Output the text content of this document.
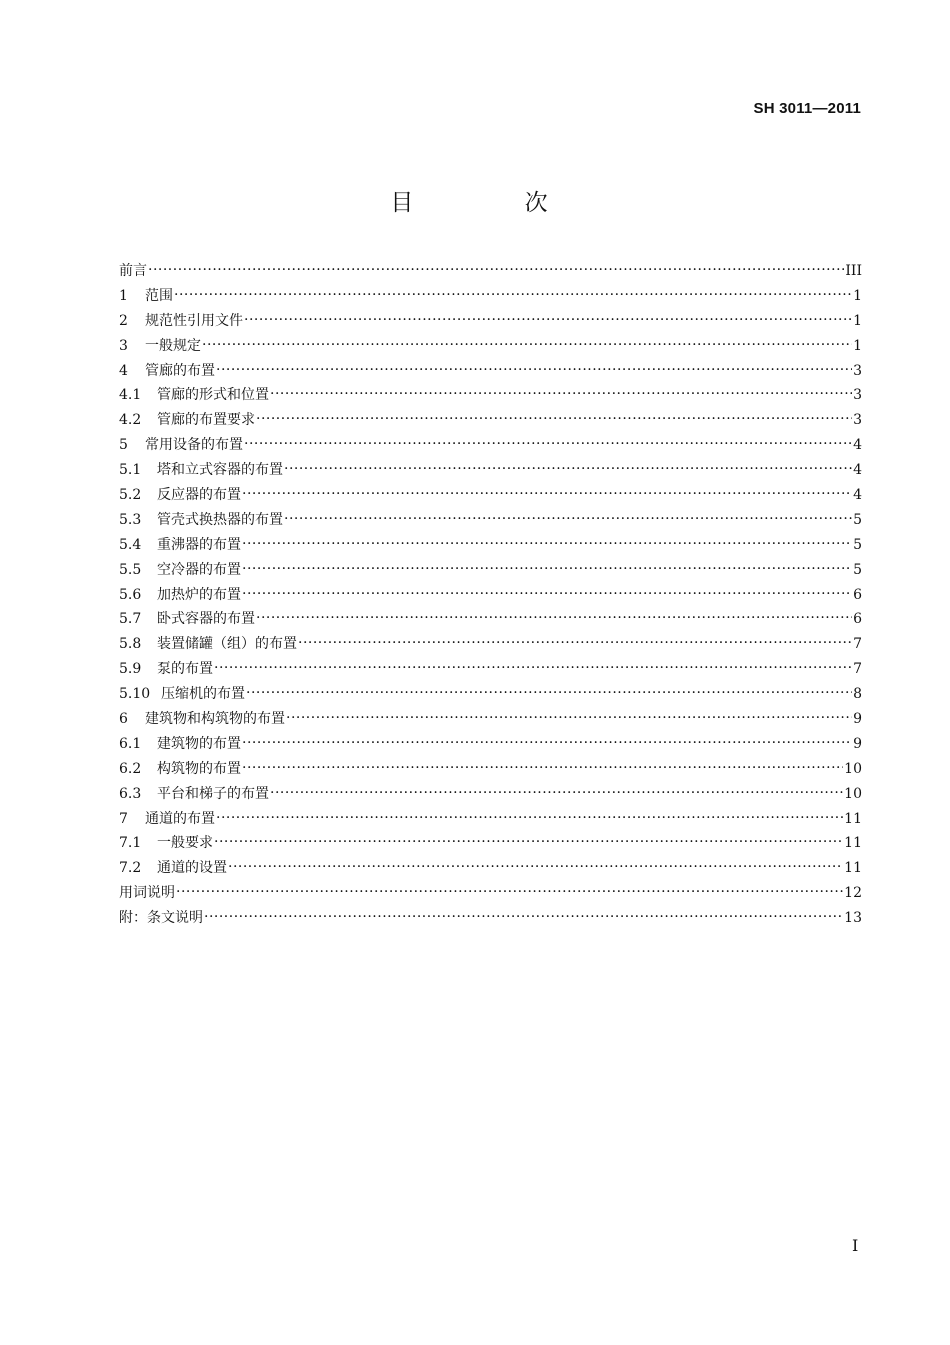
SH 3011—2011
目 次
前言 ·····	III
1 范围 ·····	1
2 规范性引用文件 ·····	1
3 一般规定 ·····	1
4 管廊的布置 ·····	3
4.1 管廊的形式和位置 ·····	3
4.2 管廊的布置要求 ·····	3
5 常用设备的布置 ·····	4
5.1 塔和立式容器的布置 ·····	4
5.2 反应器的布置 ·····	4
5.3 管壳式换热器的布置 ·····	5
5.4 重沸器的布置 ·····	5
5.5 空冷器的布置 ·····	5
5.6 加热炉的布置 ·····	6
5.7 卧式容器的布置 ·····	6
5.8 装置储罐（组）的布置 ·····	7
5.9 泵的布置 ·····	7
5.10 压缩机的布置 ·····	8
6 建筑物和构筑物的布置 ·····	9
6.1 建筑物的布置 ·····	9
6.2 构筑物的布置 ·····	10
6.3 平台和梯子的布置 ·····	10
7 通道的布置 ·····	11
7.1 一般要求 ·····	11
7.2 通道的设置 ·····	11
用词说明 ·····	12
附：条文说明 ·····	13
I
